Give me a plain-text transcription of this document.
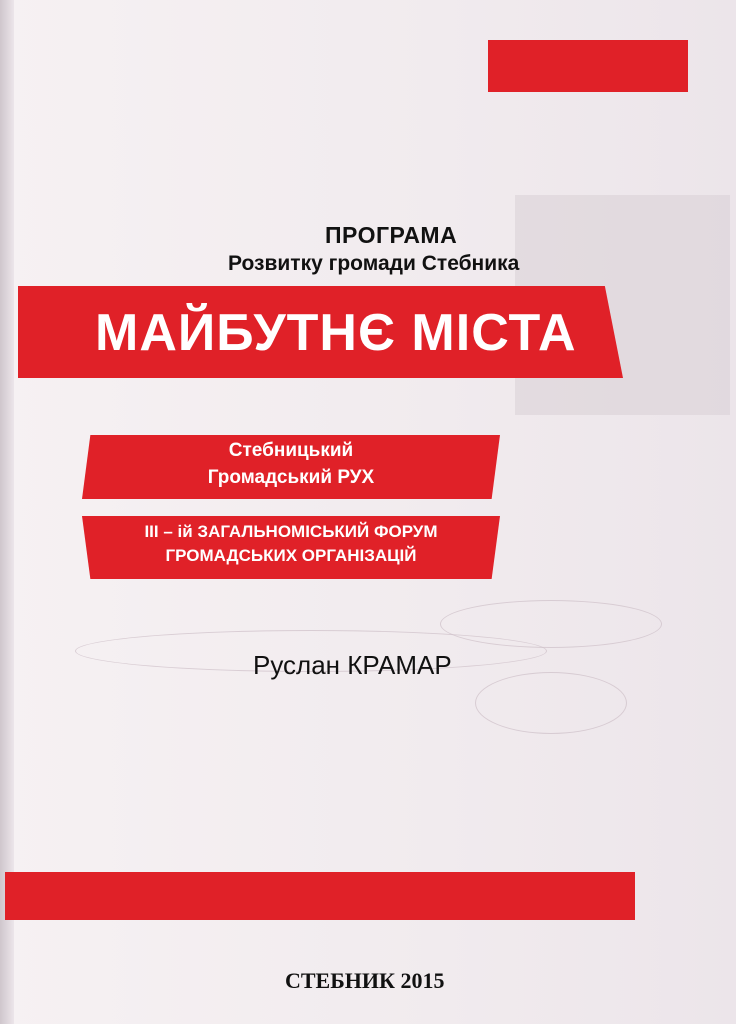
ПРОГРАМА
Розвитку громади Стебника
МАЙБУТНЄ МІСТА
Стебницький
Громадський РУХ
III – ій ЗАГАЛЬНОМІСЬКИЙ ФОРУМ
ГРОМАДСЬКИХ ОРГАНІЗАЦІЙ
Руслан КРАМАР
СТЕБНИК 2015
